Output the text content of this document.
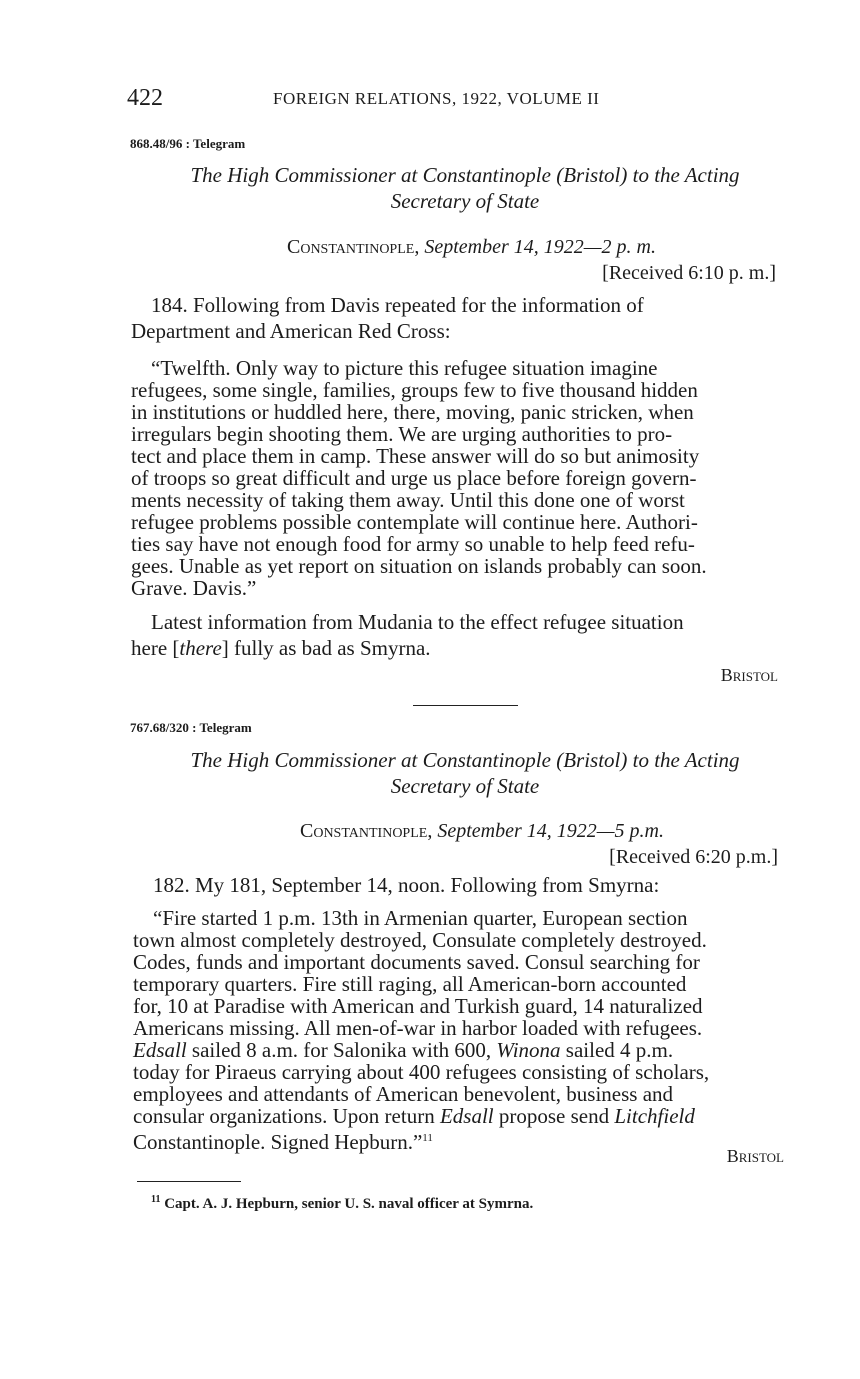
422	FOREIGN RELATIONS, 1922, VOLUME II
868.48/96 : Telegram
The High Commissioner at Constantinople (Bristol) to the Acting
Secretary of State
Constantinople, September 14, 1922—2 p. m.
[Received 6:10 p. m.]
184. Following from Davis repeated for the information of
Department and American Red Cross:
“Twelfth. Only way to picture this refugee situation imagine
refugees, some single, families, groups few to five thousand hidden
in institutions or huddled here, there, moving, panic stricken, when
irregulars begin shooting them. We are urging authorities to pro-
tect and place them in camp. These answer will do so but animosity
of troops so great difficult and urge us place before foreign govern-
ments necessity of taking them away. Until this done one of worst
refugee problems possible contemplate will continue here. Authori-
ties say have not enough food for army so unable to help feed refu-
gees. Unable as yet report on situation on islands probably can soon.
Grave. Davis.”
Latest information from Mudania to the effect refugee situation
here [there] fully as bad as Smyrna.
Bristol
767.68/320 : Telegram
The High Commissioner at Constantinople (Bristol) to the Acting
Secretary of State
Constantinople, September 14, 1922—5 p.m.
[Received 6:20 p.m.]
182. My 181, September 14, noon. Following from Smyrna:
“Fire started 1 p.m. 13th in Armenian quarter, European section
town almost completely destroyed, Consulate completely destroyed.
Codes, funds and important documents saved. Consul searching for
temporary quarters. Fire still raging, all American-born accounted
for, 10 at Paradise with American and Turkish guard, 14 naturalized
Americans missing. All men-of-war in harbor loaded with refugees.
Edsall sailed 8 a.m. for Salonika with 600, Winona sailed 4 p.m.
today for Piraeus carrying about 400 refugees consisting of scholars,
employees and attendants of American benevolent, business and
consular organizations. Upon return Edsall propose send Litchfield
Constantinople. Signed Hepburn.”$^{11}$
Bristol
$^{11}$ Capt. A. J. Hepburn, senior U. S. naval officer at Symrna.
